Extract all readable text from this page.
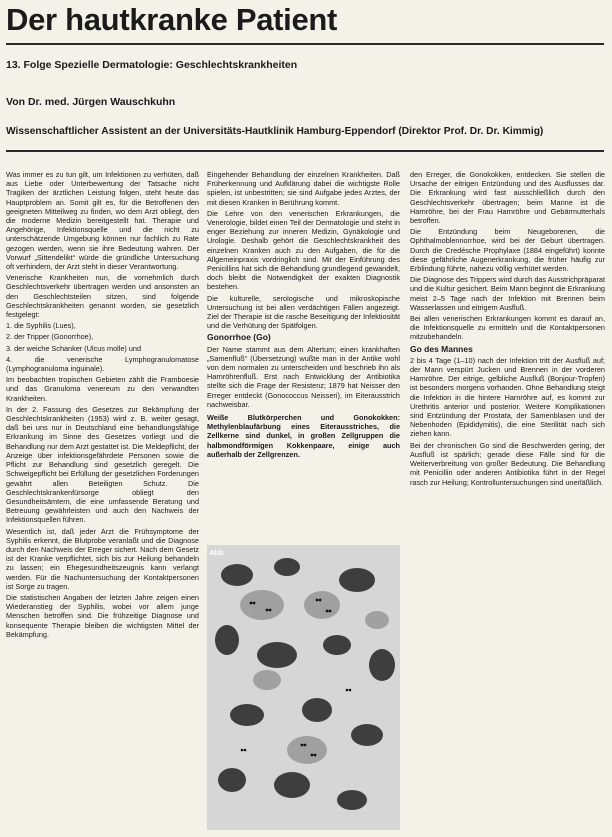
Der hautkranke Patient
13. Folge Spezielle Dermatologie: Geschlechtskrankheiten
Von Dr. med. Jürgen Wauschkuhn
Wissenschaftlicher Assistent an der Universitäts-Hautklinik Hamburg-Eppendorf (Direktor Prof. Dr. Dr. Kimmig)

Was immer es zu tun gilt, um Infektionen zu verhüten, daß aus Liebe oder Unterbewertung der Tatsache nicht Tragiken der ärztlichen Leistung folgen, steht heute das Hauptproblem an. Somit gilt es, für die Betroffenen den geeigneten Mitteilweg zu finden, wo dem Arzt obliegt, den die moderne Medizin bereitgestellt hat. Therapie und Angehörige, Infektionsquelle und die nicht zu unterschätzende Umgebung können nur fachlich zu Rate gezogen werden, wenn sie ihre Bedeutung wahren. Der Vorwurf „Sittendelikt“ würde die gründliche Untersuchung oft verhindern, der Arzt steht in dieser Verantwortung.

Venerische Krankheiten nun, die vornehmlich durch Geschlechtsverkehr übertragen werden und ansonsten an den Geschlechtsteilen sitzen, sind folgende Geschlechtskrankheiten genannt worden, sie gesetzlich festgelegt:

1. die Syphilis (Lues),

2. der Tripper (Gonorrhoe),

3. der weiche Schanker (Ulcus molle) und

4. die venerische Lymphogranulomatose (Lymphogranuloma inguinale).

Im beobachten tropischen Gebieten zählt die Framboesie und das Granuloma venereum zu den verwandten Krankheiten.

In der 2. Fassung des Gesetzes zur Bekämpfung der Geschlechtskrankheiten (1953) wird z. B. weiter gesagt, daß bei uns nur in Deutschland eine behandlungsfähige Erkrankung im Sinne des Gesetzes vorliegt und die Behandlung nur dem Arzt gestattet ist. Die Meldepflicht, der Anzeige über infektionsgefährdete Personen sowie die Pflicht zur Behandlung sind gesetzlich geregelt. Die Schweigepflicht bei Erfüllung der gesetzlichen Forderungen gewährt allen Beteiligten Schutz. Die Geschlechtskrankenfürsorge obliegt den Gesundheitsämtern, die eine umfassende Beratung und Betreuung gewährleisten und auch den Nachweis der Infektionsquellen führen.

Wesentlich ist, daß jeder Arzt die Frühsymptome der Syphilis erkennt, die Blutprobe veranlaßt und die Diagnose durch den Nachweis der Erreger sichert. Nach dem Gesetz ist der Kranke verpflichtet, sich bis zur Heilung behandeln zu lassen; ein Ehegesundheitszeugnis kann verlangt werden. Für die Nachuntersuchung der Kontaktpersonen ist Sorge zu tragen.

Die statistischen Angaben der letzten Jahre zeigen einen Wiederanstieg der Syphilis, wobei vor allem junge Menschen betroffen sind. Die frühzeitige Diagnose und konsequente Therapie bleiben die wichtigsten Mittel der Bekämpfung.

Eingehender Behandlung der einzelnen Krankheiten. Daß Früherkennung und Aufklärung dabei die wichtigste Rolle spielen, ist unbestritten; sie sind Aufgabe jedes Arztes, der mit diesen Kranken in Berührung kommt.

Die Lehre von den venerischen Erkrankungen, die Venerologie, bildet einen Teil der Dermatologie und steht in enger Beziehung zur inneren Medizin, Gynäkologie und Urologie. Deshalb gehört die Geschlechtskrankheit des einzelnen Kranken auch zu den Aufgaben, die für die Allgemeinpraxis vordringlich sind. Mit der Einführung des Penicillins hat sich die Behandlung grundlegend gewandelt, doch bleibt die Notwendigkeit der exakten Diagnostik bestehen.

Die kulturelle, serologische und mikroskopische Untersuchung ist bei allen verdächtigen Fällen angezeigt. Ziel der Therapie ist die rasche Beseitigung der Infektiosität und die Verhütung der Spätfolgen.

Gonorrhoe (Go)

Der Name stammt aus dem Altertum; einen krankhaften „Samenfluß“ (Übersetzung) wußte man in der Antike wohl von dem normalen zu unterscheiden und beschrieb ihn als Harnröhrenfluß. Erst nach Entwicklung der Antibiotika stellte sich die Frage der Resistenz; 1879 hat Neisser den Erreger entdeckt (Gonococcus Neisseri), im Eiterausstrich nachweisbar.

Weiße Blutkörperchen und Gonokokken: Methylenblaufärbung eines Eiterausstriches, die Zellkerne sind dunkel, in großen Zellgruppen die halbmondförmigen Kokkenpaare, einige auch außerhalb der Zellgrenzen.

den Erreger, die Gonokokken, entdecken. Sie stellen die Ursache der eitrigen Entzündung und des Ausflusses dar. Die Erkrankung wird fast ausschließlich durch den Geschlechtsverkehr übertragen; beim Manne ist die Harnröhre, bei der Frau Harnröhre und Gebärmutterhals betroffen.

Die Entzündung beim Neugeborenen, die Ophthalmoblennorrhoe, wird bei der Geburt übertragen. Durch die Credésche Prophylaxe (1884 eingeführt) konnte diese gefährliche Augenerkrankung, die früher häufig zur Erblindung führte, nahezu völlig verhütet werden.

Die Diagnose des Trippers wird durch das Ausstrichpräparat und die Kultur gesichert. Beim Mann beginnt die Erkrankung meist 2–5 Tage nach der Infektion mit Brennen beim Wasserlassen und eitrigem Ausfluß.

Bei allen venerischen Erkrankungen kommt es darauf an, die Infektionsquelle zu ermitteln und die Kontaktpersonen mitzubehandeln.

Go des Mannes

2 bis 4 Tage (1–10) nach der Infektion tritt der Ausfluß auf; der Mann verspürt Jucken und Brennen in der vorderen Harnröhre. Der eitrige, gelbliche Ausfluß (Bonjour-Tropfen) ist besonders morgens vorhanden. Ohne Behandlung steigt die Infektion in die hintere Harnröhre auf, es kommt zur Urethritis anterior und posterior. Weitere Komplikationen sind Entzündung der Prostata, der Samenblasen und der Nebenhoden (Epididymitis), die eine Sterilität nach sich ziehen kann.

Bei der chronischen Go sind die Beschwerden gering, der Ausfluß ist spärlich; gerade diese Fälle sind für die Weiterverbreitung von großer Bedeutung. Die Behandlung mit Penicillin oder anderen Antibiotika führt in der Regel rasch zur Heilung; Kontrolluntersuchungen sind unerläßlich.

Abb.
